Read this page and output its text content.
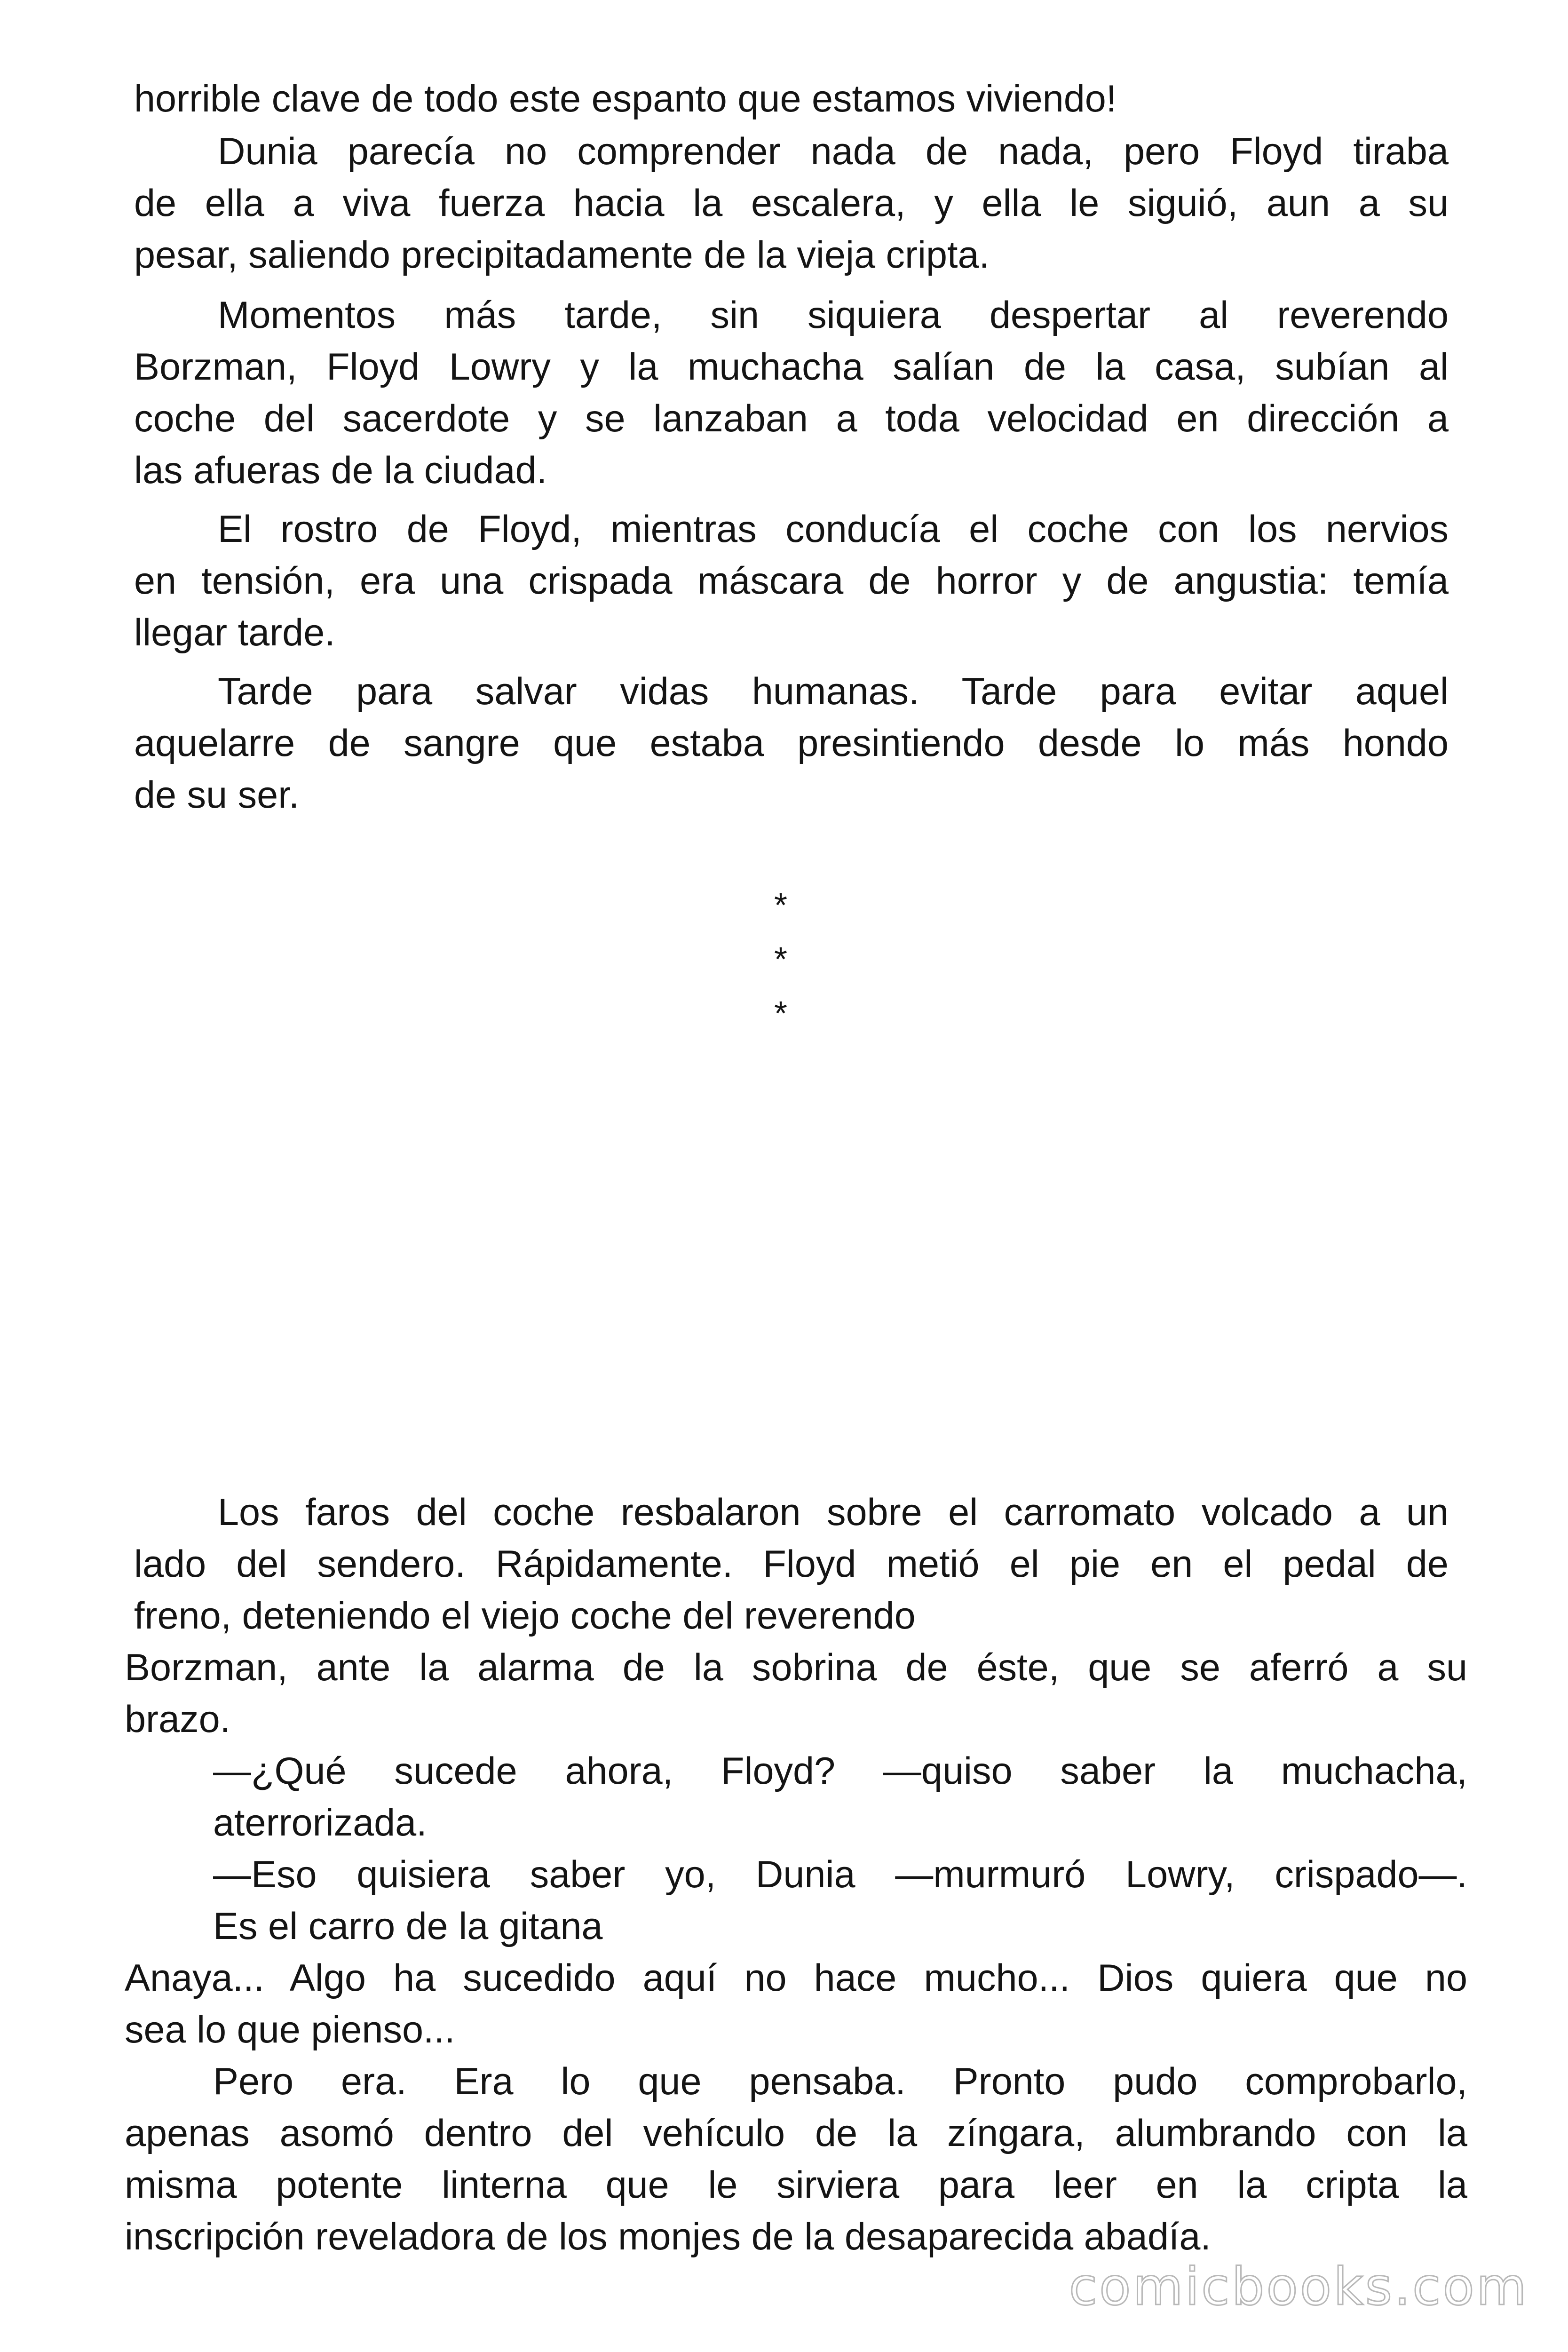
horrible clave de todo este espanto que estamos viviendo!

Dunia parecía no comprender nada de nada, pero Floyd tiraba

de ella a viva fuerza hacia la escalera, y ella le siguió, aun a su

pesar, saliendo precipitadamente de la vieja cripta.

Momentos más tarde, sin siquiera despertar al reverendo

Borzman, Floyd Lowry y la muchacha salían de la casa, subían al

coche del sacerdote y se lanzaban a toda velocidad en dirección a

las afueras de la ciudad.

El rostro de Floyd, mientras conducía el coche con los nervios

en tensión, era una crispada máscara de horror y de angustia: temía

llegar tarde.

Tarde para salvar vidas humanas. Tarde para evitar aquel

aquelarre de sangre que estaba presintiendo desde lo más hondo

de su ser.

*
*
*

Los faros del coche resbalaron sobre el carromato volcado a un

lado del sendero. Rápidamente. Floyd metió el pie en el pedal de

freno, deteniendo el viejo coche del reverendo

Borzman, ante la alarma de la sobrina de éste, que se aferró a su

brazo.

—¿Qué sucede ahora, Floyd? —quiso saber la muchacha,

aterrorizada.

—Eso quisiera saber yo, Dunia —murmuró Lowry, crispado—.

Es el carro de la gitana

Anaya... Algo ha sucedido aquí no hace mucho... Dios quiera que no

sea lo que pienso...

Pero era. Era lo que pensaba. Pronto pudo comprobarlo,

apenas asomó dentro del vehículo de la zíngara, alumbrando con la

misma potente linterna que le sirviera para leer en la cripta la

inscripción reveladora de los monjes de la desaparecida abadía.

comicbooks.com
